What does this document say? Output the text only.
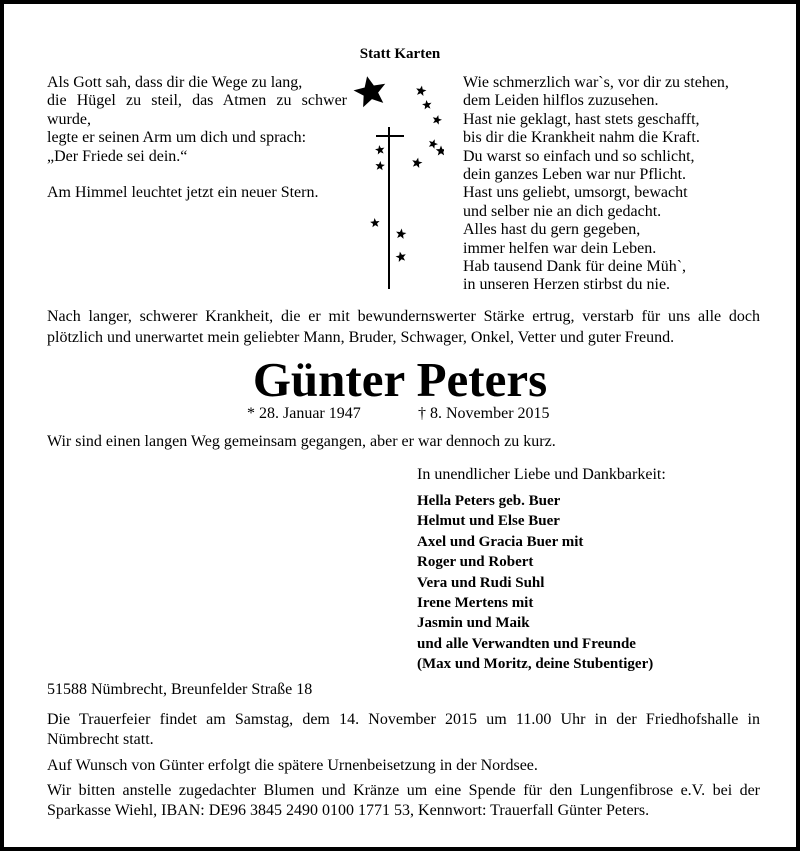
Statt Karten
Als Gott sah, dass dir die Wege zu lang,
die Hügel zu steil, das Atmen zu schwer
wurde,
legte er seinen Arm um dich und sprach:
„Der Friede sei dein.“
Am Himmel leuchtet jetzt ein neuer Stern.
Wie schmerzlich war`s, vor dir zu stehen,
dem Leiden hilflos zuzusehen.
Hast nie geklagt, hast stets geschafft,
bis dir die Krankheit nahm die Kraft.
Du warst so einfach und so schlicht,
dein ganzes Leben war nur Pflicht.
Hast uns geliebt, umsorgt, bewacht
und selber nie an dich gedacht.
Alles hast du gern gegeben,
immer helfen war dein Leben.
Hab tausend Dank für deine Müh`,
in unseren Herzen stirbst du nie.
Nach langer, schwerer Krankheit, die er mit bewundernswerter Stärke ertrug, verstarb für uns alle doch
plötzlich und unerwartet mein geliebter Mann, Bruder, Schwager, Onkel, Vetter und guter Freund.
Günter Peters
* 28. Januar 1947	† 8. November 2015
Wir sind einen langen Weg gemeinsam gegangen, aber er war dennoch zu kurz.
In unendlicher Liebe und Dankbarkeit:
Hella Peters geb. Buer
Helmut und Else Buer
Axel und Gracia Buer mit
Roger und Robert
Vera und Rudi Suhl
Irene Mertens mit
Jasmin und Maik
und alle Verwandten und Freunde
(Max und Moritz, deine Stubentiger)
51588 Nümbrecht, Breunfelder Straße 18
Die Trauerfeier findet am Samstag, dem 14. November 2015 um 11.00 Uhr in der Friedhofshalle in
Nümbrecht statt.
Auf Wunsch von Günter erfolgt die spätere Urnenbeisetzung in der Nordsee.
Wir bitten anstelle zugedachter Blumen und Kränze um eine Spende für den Lungenfibrose e.V. bei der
Sparkasse Wiehl, IBAN: DE96 3845 2490 0100 1771 53, Kennwort: Trauerfall Günter Peters.
